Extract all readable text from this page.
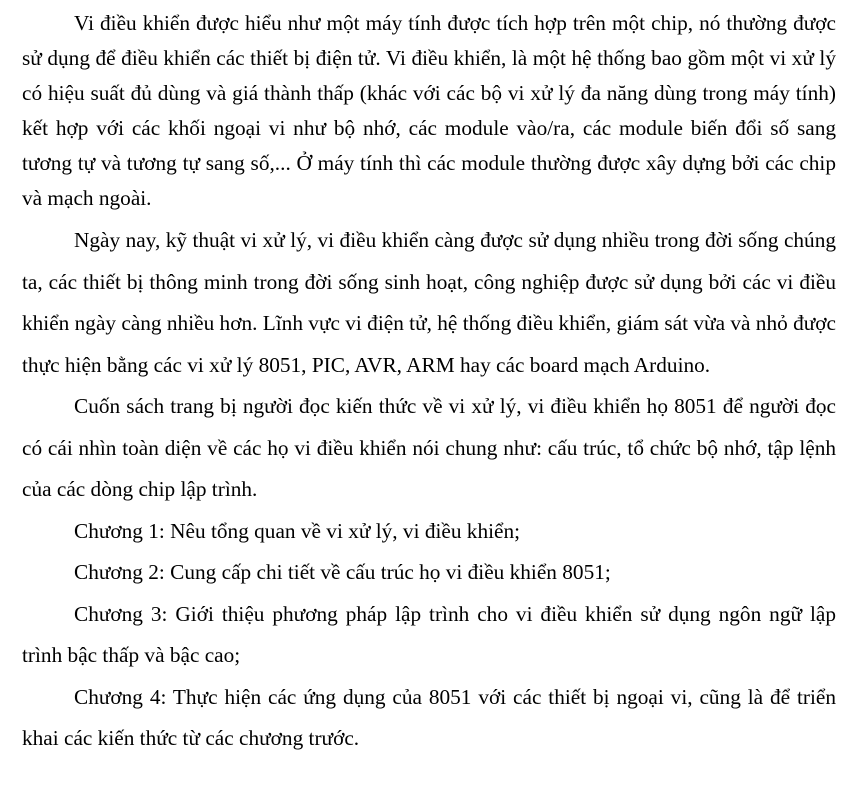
Vi điều khiển được hiểu như một máy tính được tích hợp trên một chip, nó thường được sử dụng để điều khiển các thiết bị điện tử. Vi điều khiển, là một hệ thống bao gồm một vi xử lý có hiệu suất đủ dùng và giá thành thấp (khác với các bộ vi xử lý đa năng dùng trong máy tính) kết hợp với các khối ngoại vi như bộ nhớ, các module vào/ra, các module biến đổi số sang tương tự và tương tự sang số,... Ở máy tính thì các module thường được xây dựng bởi các chip và mạch ngoài.

Ngày nay, kỹ thuật vi xử lý, vi điều khiển càng được sử dụng nhiều trong đời sống chúng ta, các thiết bị thông minh trong đời sống sinh hoạt, công nghiệp được sử dụng bởi các vi điều khiển ngày càng nhiều hơn. Lĩnh vực vi điện tử, hệ thống điều khiển, giám sát vừa và nhỏ được thực hiện bằng các vi xử lý 8051, PIC, AVR, ARM hay các board mạch Arduino.

Cuốn sách trang bị người đọc kiến thức về vi xử lý, vi điều khiển họ 8051 để người đọc có cái nhìn toàn diện về các họ vi điều khiển nói chung như: cấu trúc, tổ chức bộ nhớ, tập lệnh của các dòng chip lập trình.

Chương 1: Nêu tổng quan về vi xử lý, vi điều khiển;

Chương 2: Cung cấp chi tiết về cấu trúc họ vi điều khiển 8051;

Chương 3: Giới thiệu phương pháp lập trình cho vi điều khiển sử dụng ngôn ngữ lập trình bậc thấp và bậc cao;

Chương 4: Thực hiện các ứng dụng của 8051 với các thiết bị ngoại vi, cũng là để triển khai các kiến thức từ các chương trước.
